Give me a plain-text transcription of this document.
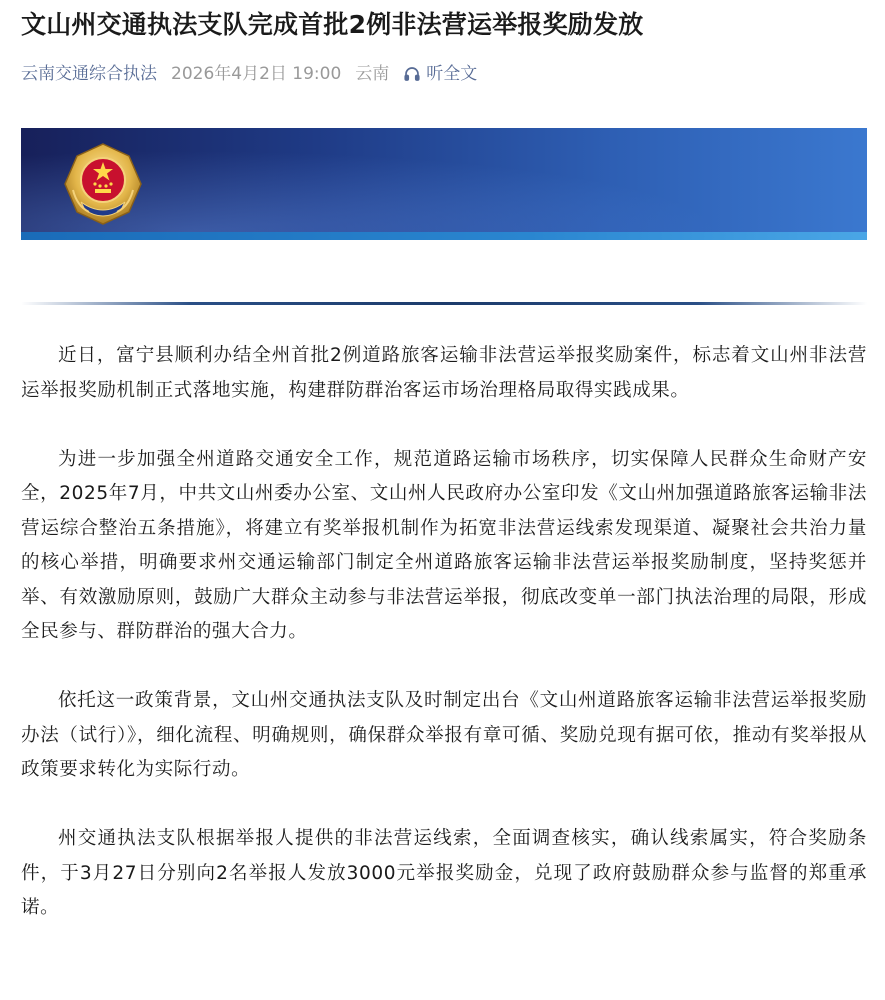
文山州交通执法支队完成首批2例非法营运举报奖励发放
云南交通综合执法 2026年4月2日 19:00 云南 听全文

近日，富宁县顺利办结全州首批2例道路旅客运输非法营运举报奖励案件，标志着文山州非法营运举报奖励机制正式落地实施，构建群防群治客运市场治理格局取得实践成果。

为进一步加强全州道路交通安全工作，规范道路运输市场秩序，切实保障人民群众生命财产安全，2025年7月，中共文山州委办公室、文山州人民政府办公室印发《文山州加强道路旅客运输非法营运综合整治五条措施》，将建立有奖举报机制作为拓宽非法营运线索发现渠道、凝聚社会共治力量的核心举措，明确要求州交通运输部门制定全州道路旅客运输非法营运举报奖励制度，坚持奖惩并举、有效激励原则，鼓励广大群众主动参与非法营运举报，彻底改变单一部门执法治理的局限，形成全民参与、群防群治的强大合力。

依托这一政策背景，文山州交通执法支队及时制定出台《文山州道路旅客运输非法营运举报奖励办法（试行）》，细化流程、明确规则，确保群众举报有章可循、奖励兑现有据可依，推动有奖举报从政策要求转化为实际行动。

州交通执法支队根据举报人提供的非法营运线索，全面调查核实，确认线索属实，符合奖励条件，于3月27日分别向2名举报人发放3000元举报奖励金，兑现了政府鼓励群众参与监督的郑重承诺。
